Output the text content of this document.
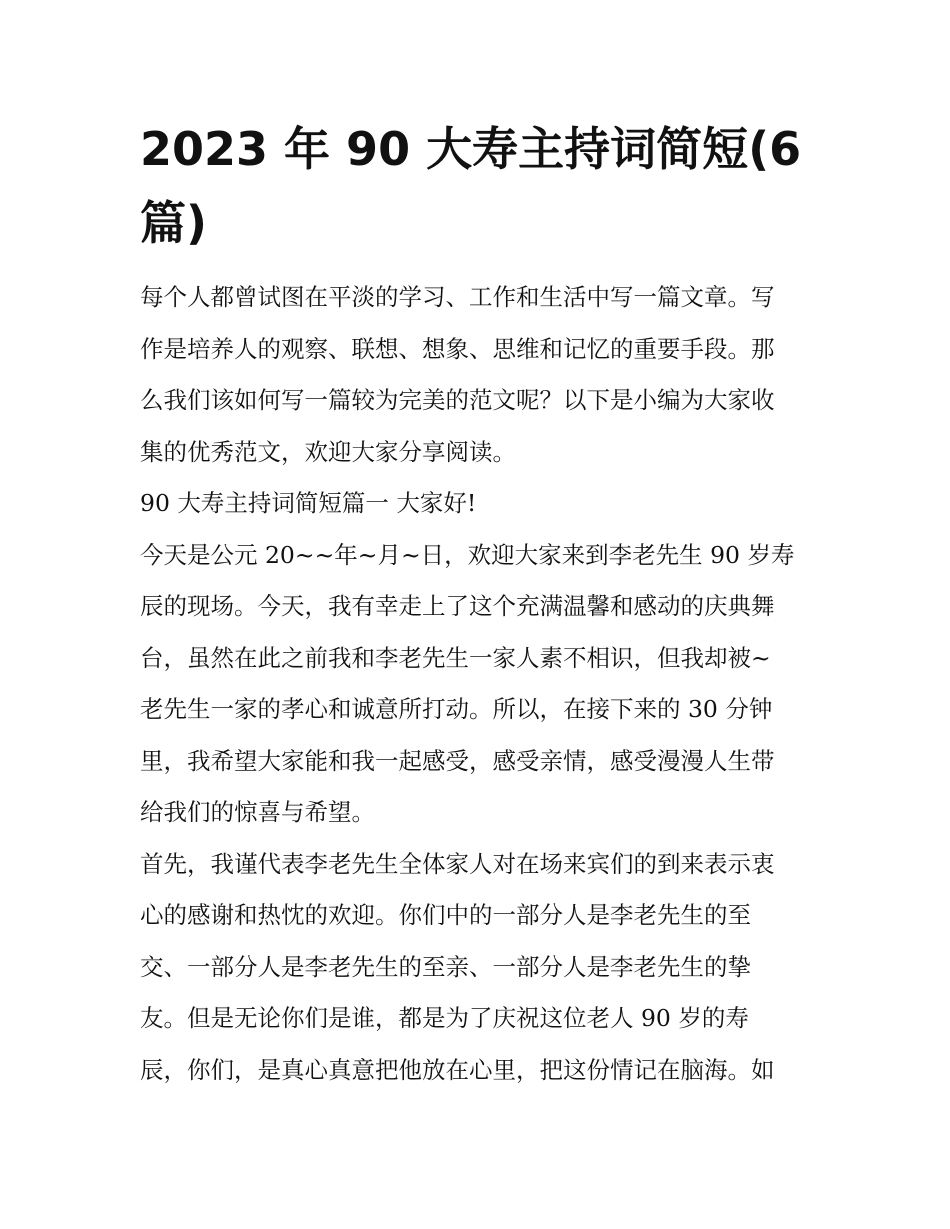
2023 年 90 大寿主持词简短(6
篇)

每个人都曾试图在平淡的学习、工作和生活中写一篇文章。写
作是培养人的观察、联想、想象、思维和记忆的重要手段。那
么我们该如何写一篇较为完美的范文呢？以下是小编为大家收
集的优秀范文，欢迎大家分享阅读。

90 大寿主持词简短篇一 大家好!

今天是公元 20~~年~月~日，欢迎大家来到李老先生 90 岁寿
辰的现场。今天，我有幸走上了这个充满温馨和感动的庆典舞
台，虽然在此之前我和李老先生一家人素不相识，但我却被~
老先生一家的孝心和诚意所打动。所以，在接下来的 30 分钟
里，我希望大家能和我一起感受，感受亲情，感受漫漫人生带
给我们的惊喜与希望。

首先，我谨代表李老先生全体家人对在场来宾们的到来表示衷
心的感谢和热忱的欢迎。你们中的一部分人是李老先生的至
交、一部分人是李老先生的至亲、一部分人是李老先生的挚
友。但是无论你们是谁，都是为了庆祝这位老人 90 岁的寿
辰，你们，是真心真意把他放在心里，把这份情记在脑海。如
